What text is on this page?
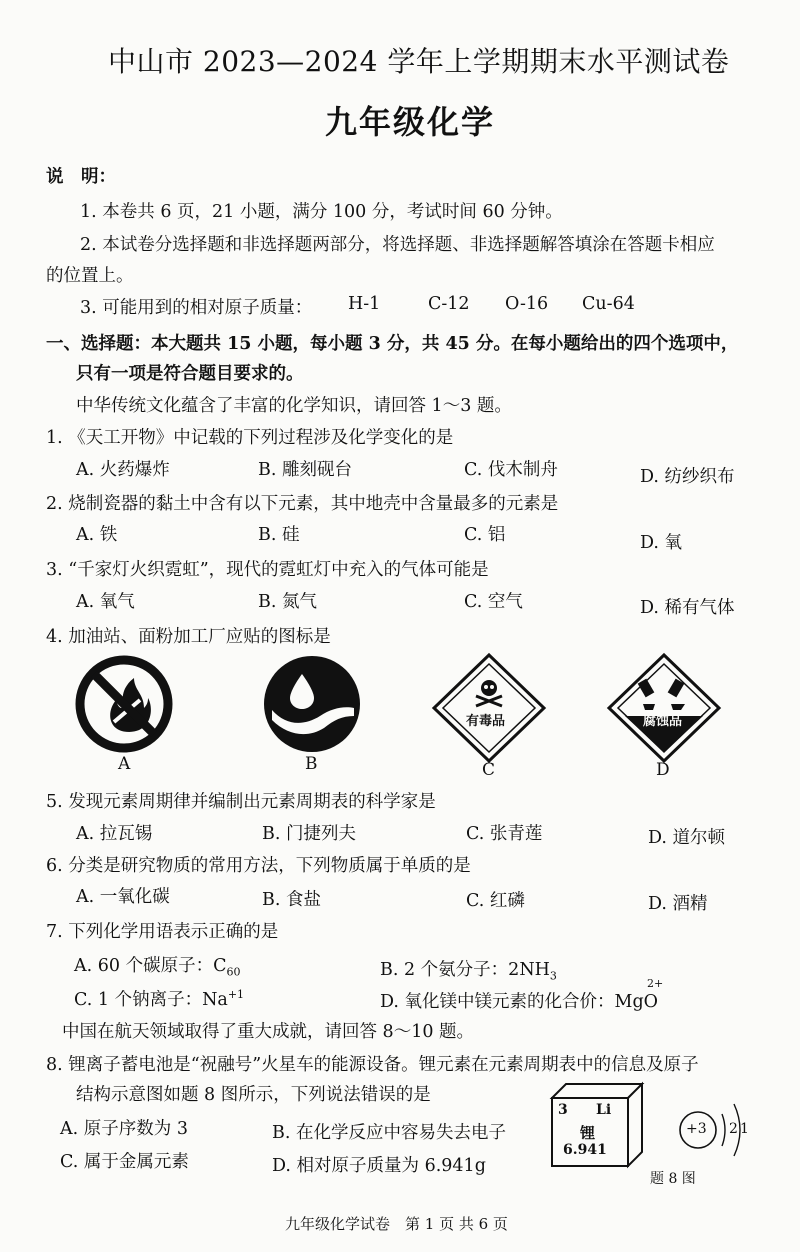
中山市 2023—2024 学年上学期期末水平测试卷
九年级化学
说　明：
1. 本卷共 6 页，21 小题，满分 100 分，考试时间 60 分钟。
2. 本试卷分选择题和非选择题两部分，将选择题、非选择题解答填涂在答题卡相应
的位置上。
3. 可能用到的相对原子质量： H-1	C-12 O-16 Cu-64
一、选择题：本大题共 15 小题，每小题 3 分，共 45 分。在每小题给出的四个选项中，
只有一项是符合题目要求的。
中华传统文化蕴含了丰富的化学知识，请回答 1～3 题。
1. 《天工开物》中记载的下列过程涉及化学变化的是
A. 火药爆炸	B. 雕刻砚台	C. 伐木制舟	D. 纺纱织布
2. 烧制瓷器的黏土中含有以下元素，其中地壳中含量最多的元素是
A. 铁	B. 硅	C. 铝	D. 氧
3. “千家灯火织霓虹”，现代的霓虹灯中充入的气体可能是
A. 氧气	B. 氮气	C. 空气	D. 稀有气体
4. 加油站、面粉加工厂应贴的图标是
A	B
有毒品
C
腐蚀品
D
5. 发现元素周期律并编制出元素周期表的科学家是
A. 拉瓦锡	B. 门捷列夫	C. 张青莲	D. 道尔顿
6. 分类是研究物质的常用方法，下列物质属于单质的是
A. 一氧化碳	B. 食盐	C. 红磷	D. 酒精
7. 下列化学用语表示正确的是
A. 60 个碳原子：$C_{60}$	B. 2 个氨分子：$2NH_3$
C. 1 个钠离子：$Na^{+1}$	D. 氧化镁中镁元素的化合价：MgO
2+
中国在航天领域取得了重大成就，请回答 8～10 题。
8. 锂离子蓄电池是“祝融号”火星车的能源设备。锂元素在元素周期表中的信息及原子
结构示意图如题 8 图所示，下列说法错误的是
A. 原子序数为 3	B. 在化学反应中容易失去电子
C. 属于金属元素	D. 相对原子质量为 6.941g
3 Li
锂
6.941
+3 2 1
题 8 图
九年级化学试卷　第 1 页 共 6 页
